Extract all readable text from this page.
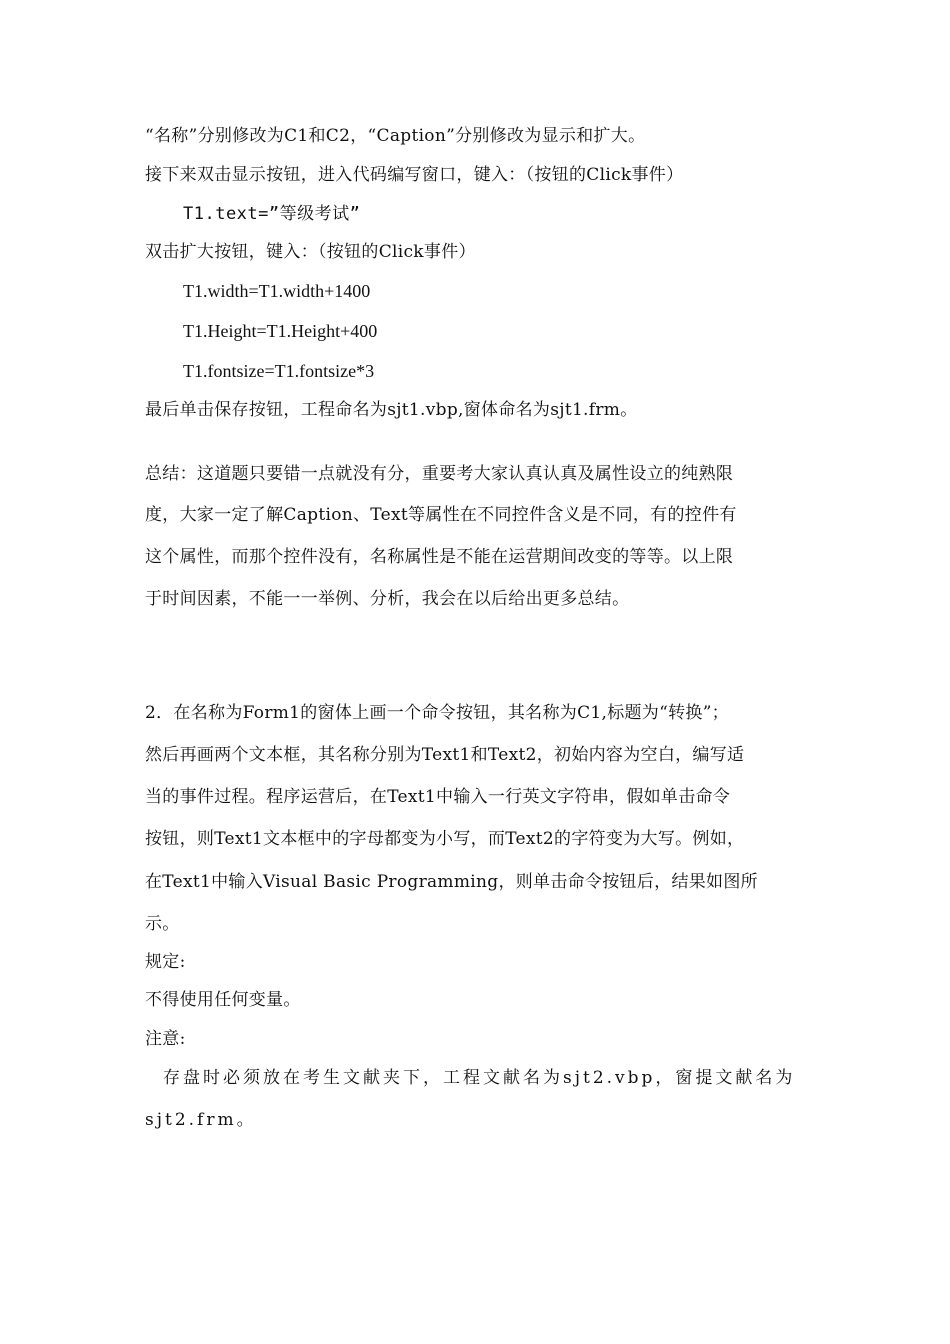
“名称”分别修改为C1和C2，“Caption”分别修改为显示和扩大。
接下来双击显示按钮，进入代码编写窗口，键入：（按钮的Click事件）
T1.text=”等级考试”
双击扩大按钮，键入：（按钮的Click事件）
T1.width=T1.width+1400
T1.Height=T1.Height+400
T1.fontsize=T1.fontsize*3
最后单击保存按钮，工程命名为sjt1.vbp,窗体命名为sjt1.frm。
总结：这道题只要错一点就没有分，重要考大家认真认真及属性设立的纯熟限
度，大家一定了解Caption、Text等属性在不同控件含义是不同，有的控件有
这个属性，而那个控件没有，名称属性是不能在运营期间改变的等等。以上限
于时间因素，不能一一举例、分析，我会在以后给出更多总结。
2．在名称为Form1的窗体上画一个命令按钮，其名称为C1,标题为“转换”；
然后再画两个文本框，其名称分别为Text1和Text2，初始内容为空白，编写适
当的事件过程。程序运营后，在Text1中输入一行英文字符串，假如单击命令
按钮，则Text1文本框中的字母都变为小写，而Text2的字符变为大写。例如，
在Text1中输入Visual Basic Programming，则单击命令按钮后，结果如图所
示。
规定:
不得使用任何变量。
注意:
存盘时必须放在考生文献夹下，工程文献名为sjt2.vbp，窗提文献名为
sjt2.frm。
